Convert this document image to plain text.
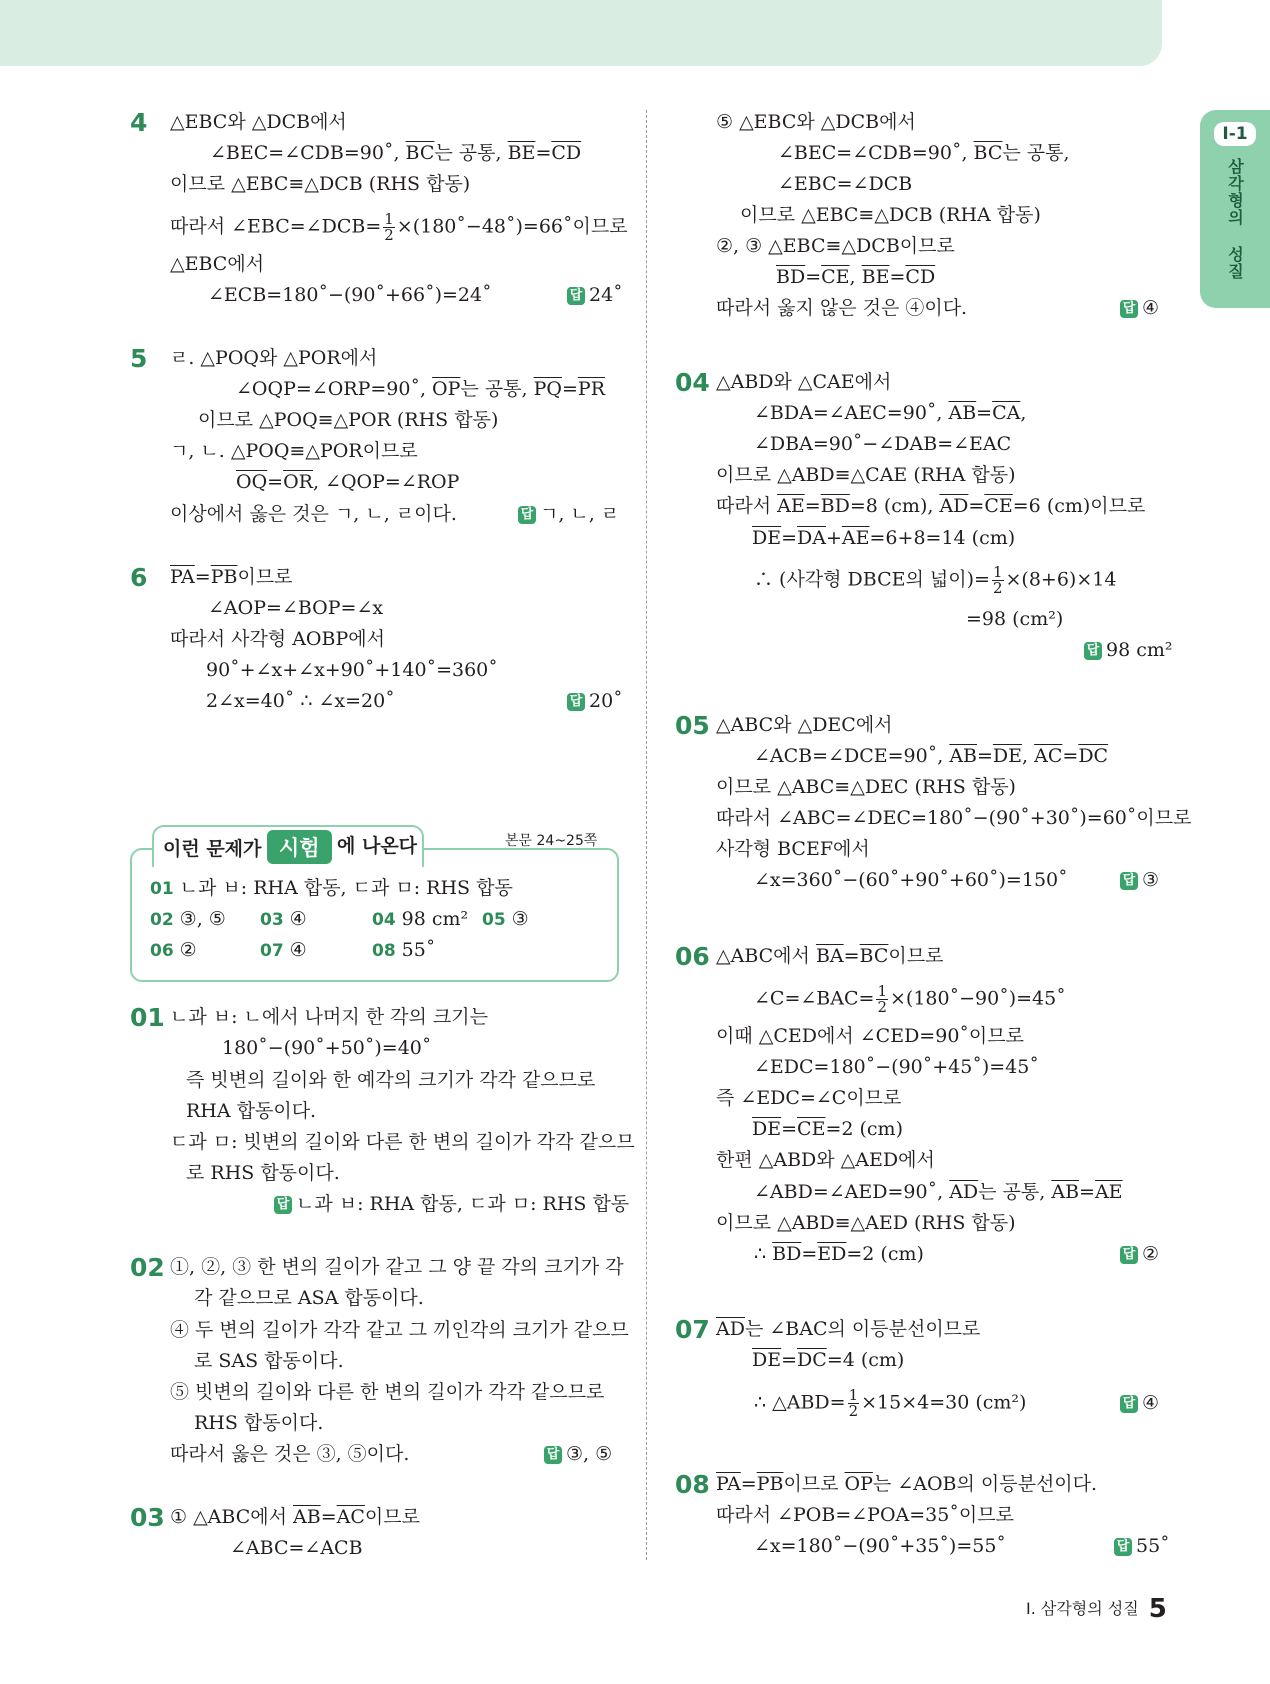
I-1
삼각형의 성질
4 △EBC와 △DCB에서
∠BEC=∠CDB=90˚, $\overline{BC}$는 공통, $\overline{BE}=\overline{CD}$
이므로 △EBC≡△DCB (RHS 합동)
따라서 ∠EBC=∠DCB= $\frac{1}{2}$ ×(180˚−48˚)=66˚이므로
△EBC에서
∠ECB=180˚−(90˚+66˚)=24˚	답 24˚
5 ㄹ. △POQ와 △POR에서
∠OQP=∠ORP=90˚, $\overline{OP}$는 공통, $\overline{PQ}=\overline{PR}$
이므로 △POQ≡△POR (RHS 합동)
ㄱ, ㄴ. △POQ≡△POR이므로
$\overline{OQ}=\overline{OR}$, ∠QOP=∠ROP
이상에서 옳은 것은 ㄱ, ㄴ, ㄹ이다.	답 ㄱ, ㄴ, ㄹ
6 $\overline{PA}=\overline{PB}$이므로
∠AOP=∠BOP=∠x
따라서 사각형 AOBP에서
90˚+∠x+∠x+90˚+140˚=360˚
2∠x=40˚ ∴ ∠x=20˚	답 20˚
01 ㄴ과 ㅂ: RHA 합동, ㄷ과 ㅁ: RHS 합동
02 ③, ⑤ 03 ④	04 98 cm² 05 ③
06 ②	07 ④	08 55˚
이런 문제가 시험	본문 24~25쪽
에 나온다
01 ㄴ과 ㅂ: ㄴ에서 나머지 한 각의 크기는
180˚−(90˚+50˚)=40˚
즉 빗변의 길이와 한 예각의 크기가 각각 같으므로
RHA 합동이다.
ㄷ과 ㅁ: 빗변의 길이와 다른 한 변의 길이가 각각 같으므
로 RHS 합동이다.
답 ㄴ과 ㅂ: RHA 합동, ㄷ과 ㅁ: RHS 합동
02 ①, ②, ③ 한 변의 길이가 같고 그 양 끝 각의 크기가 각
각 같으므로 ASA 합동이다.
④ 두 변의 길이가 각각 같고 그 끼인각의 크기가 같으므
로 SAS 합동이다.
⑤ 빗변의 길이와 다른 한 변의 길이가 각각 같으므로
RHS 합동이다.
따라서 옳은 것은 ③, ⑤이다.	답 ③, ⑤
03 ① △ABC에서 $\overline{AB}=\overline{AC}$이므로
∠ABC=∠ACB
⑤ △EBC와 △DCB에서
∠BEC=∠CDB=90˚, $\overline{BC}$는 공통,
∠EBC=∠DCB
이므로 △EBC≡△DCB (RHA 합동)
②, ③ △EBC≡△DCB이므로
$\overline{BD}=\overline{CE}$, $\overline{BE}=\overline{CD}$
따라서 옳지 않은 것은 ④이다.	답 ④
04 △ABD와 △CAE에서
∠BDA=∠AEC=90˚, $\overline{AB}=\overline{CA}$,
∠DBA=90˚−∠DAB=∠EAC
이므로 △ABD≡△CAE (RHA 합동)
따라서 $\overline{AE}=\overline{BD}=8$ (cm), $\overline{AD}=\overline{CE}=6$ (cm)이므로
$\overline{DE}=\overline{DA}+\overline{AE}=6+8=14$ (cm)
∴ (사각형 DBCE의 넓이)= $\frac{1}{2} \times(8+6)\times 14$
=98 (cm²)
답 98 cm²
05 △ABC와 △DEC에서
∠ACB=∠DCE=90˚, $\overline{AB}=\overline{DE}$, $\overline{AC}=\overline{DC}$
이므로 △ABC≡△DEC (RHS 합동)
따라서 ∠ABC=∠DEC=180˚−(90˚+30˚)=60˚이므로
사각형 BCEF에서
∠x=360˚−(60˚+90˚+60˚)=150˚	답 ③
06 △ABC에서 $\overline{BA}=\overline{BC}$이므로
∠C=∠BAC= $\frac{1}{2}$ ×(180˚−90˚)=45˚
이때 △CED에서 ∠CED=90˚이므로
∠EDC=180˚−(90˚+45˚)=45˚
즉 ∠EDC=∠C이므로
$\overline{DE}=\overline{CE}=2$ (cm)
한편 △ABD와 △AED에서
∠ABD=∠AED=90˚, $\overline{AD}$는 공통, $\overline{AB}=\overline{AE}$
이므로 △ABD≡△AED (RHS 합동)
∴ $\overline{BD}=\overline{ED}=2$ (cm)	답 ②
07 $\overline{AD}$는 ∠BAC의 이등분선이므로
$\overline{DE}=\overline{DC}=4$ (cm)
∴ △ABD= $\frac{1}{2} \times 15\times 4=30$ (cm²)	답 ④
08 $\overline{PA}=\overline{PB}$이므로 $\overline{OP}$는 ∠AOB의 이등분선이다.
따라서 ∠POB=∠POA=35˚이므로
∠x=180˚−(90˚+35˚)=55˚	답 55˚
I. 삼각형의 성질 5
